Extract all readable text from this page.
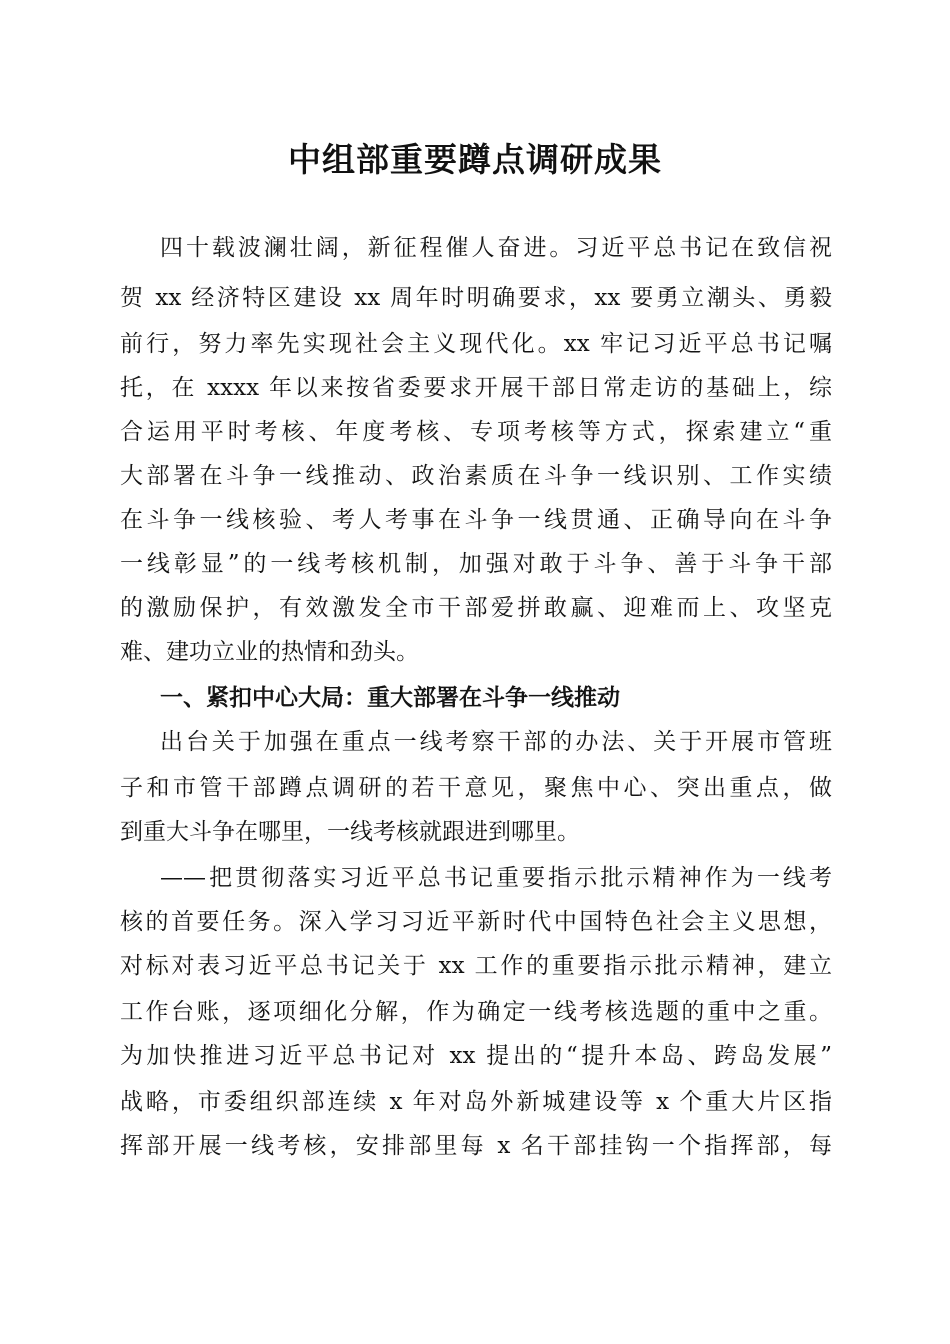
中组部重要蹲点调研成果
四十载波澜壮阔，新征程催人奋进。习近平总书记在致信祝
贺 xx 经济特区建设 xx 周年时明确要求，xx 要勇立潮头、勇毅
前行，努力率先实现社会主义现代化。xx 牢记习近平总书记嘱
托，在 xxxx 年以来按省委要求开展干部日常走访的基础上，综
合运用平时考核、年度考核、专项考核等方式，探索建立“重
大部署在斗争一线推动、政治素质在斗争一线识别、工作实绩
在斗争一线核验、考人考事在斗争一线贯通、正确导向在斗争
一线彰显”的一线考核机制，加强对敢于斗争、善于斗争干部
的激励保护，有效激发全市干部爱拼敢赢、迎难而上、攻坚克
难、建功立业的热情和劲头。
一、紧扣中心大局：重大部署在斗争一线推动
出台关于加强在重点一线考察干部的办法、关于开展市管班
子和市管干部蹲点调研的若干意见，聚焦中心、突出重点，做
到重大斗争在哪里，一线考核就跟进到哪里。
——把贯彻落实习近平总书记重要指示批示精神作为一线考
核的首要任务。深入学习习近平新时代中国特色社会主义思想，
对标对表习近平总书记关于 xx 工作的重要指示批示精神，建立
工作台账，逐项细化分解，作为确定一线考核选题的重中之重。
为加快推进习近平总书记对 xx 提出的“提升本岛、跨岛发展”
战略，市委组织部连续 x 年对岛外新城建设等 x 个重大片区指
挥部开展一线考核，安排部里每 x 名干部挂钩一个指挥部，每
